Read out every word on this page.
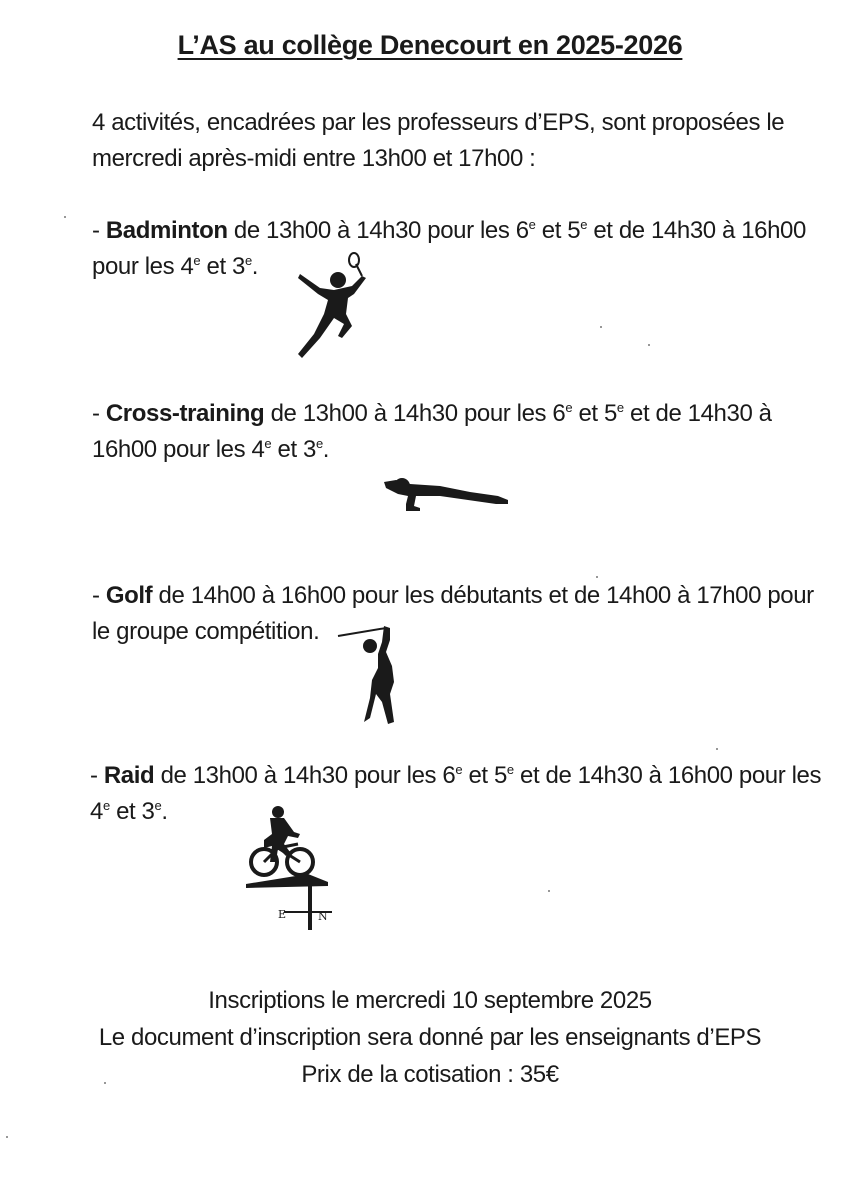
L’AS au collège Denecourt en 2025-2026
4 activités, encadrées par les professeurs d’EPS, sont proposées le
mercredi après-midi entre 13h00 et 17h00 :
- Badminton de 13h00 à 14h30 pour les 6e et 5e et de 14h30 à 16h00
pour les 4e et 3e.
- Cross-training de 13h00 à 14h30 pour les 6e et 5e et de 14h30 à
16h00 pour les 4e et 3e.
- Golf de 14h00 à 16h00 pour les débutants et de 14h00 à 17h00 pour
le groupe compétition.
- Raid de 13h00 à 14h30 pour les 6e et 5e et de 14h30 à 16h00 pour les
4e et 3e.
E	N
Inscriptions le mercredi 10 septembre 2025
Le document d’inscription sera donné par les enseignants d’EPS
Prix de la cotisation : 35€
